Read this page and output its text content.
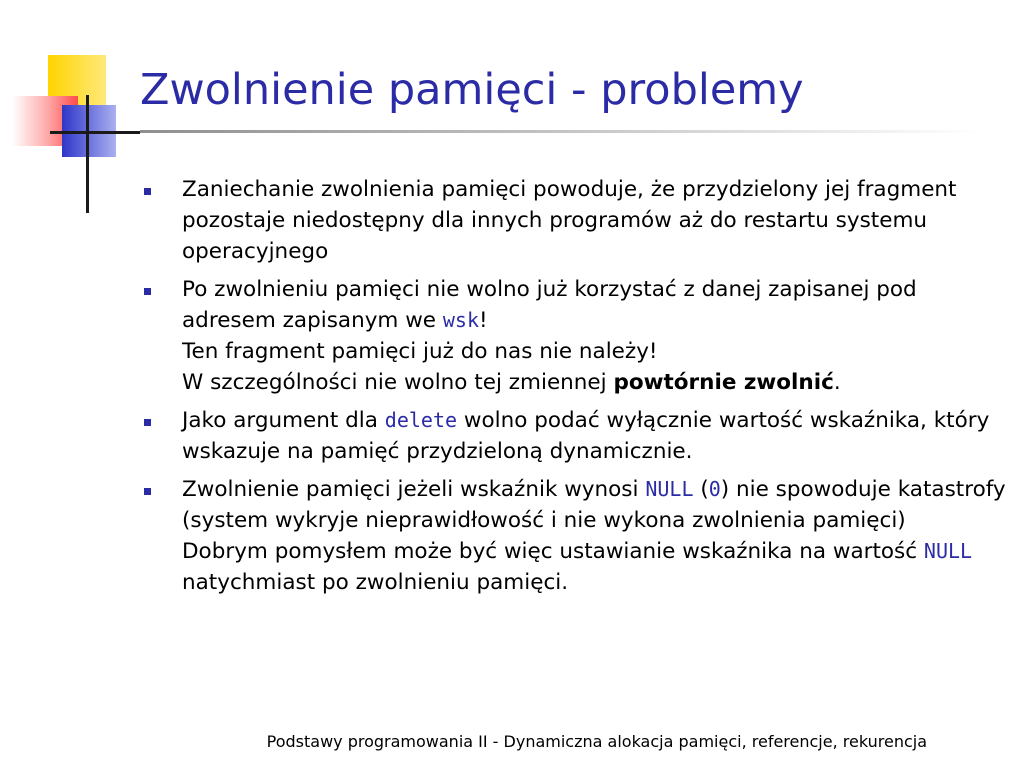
Zwolnienie pamięci - problemy
Zaniechanie zwolnienia pamięci powoduje, że przydzielony jej fragment pozostaje niedostępny dla innych programów aż do restartu systemu operacyjnego
Po zwolnieniu pamięci nie wolno już korzystać z danej zapisanej pod adresem zapisanym we wsk!
Ten fragment pamięci już do nas nie należy!
W szczególności nie wolno tej zmiennej powtórnie zwolnić.
Jako argument dla delete wolno podać wyłącznie wartość wskaźnika, który wskazuje na pamięć przydzieloną dynamicznie.
Zwolnienie pamięci jeżeli wskaźnik wynosi NULL (0) nie spowoduje katastrofy (system wykryje nieprawidłowość i nie wykona zwolnienia pamięci)
Dobrym pomysłem może być więc ustawianie wskaźnika na wartość NULL natychmiast po zwolnieniu pamięci.
Podstawy programowania II - Dynamiczna alokacja pamięci, referencje, rekurencja
